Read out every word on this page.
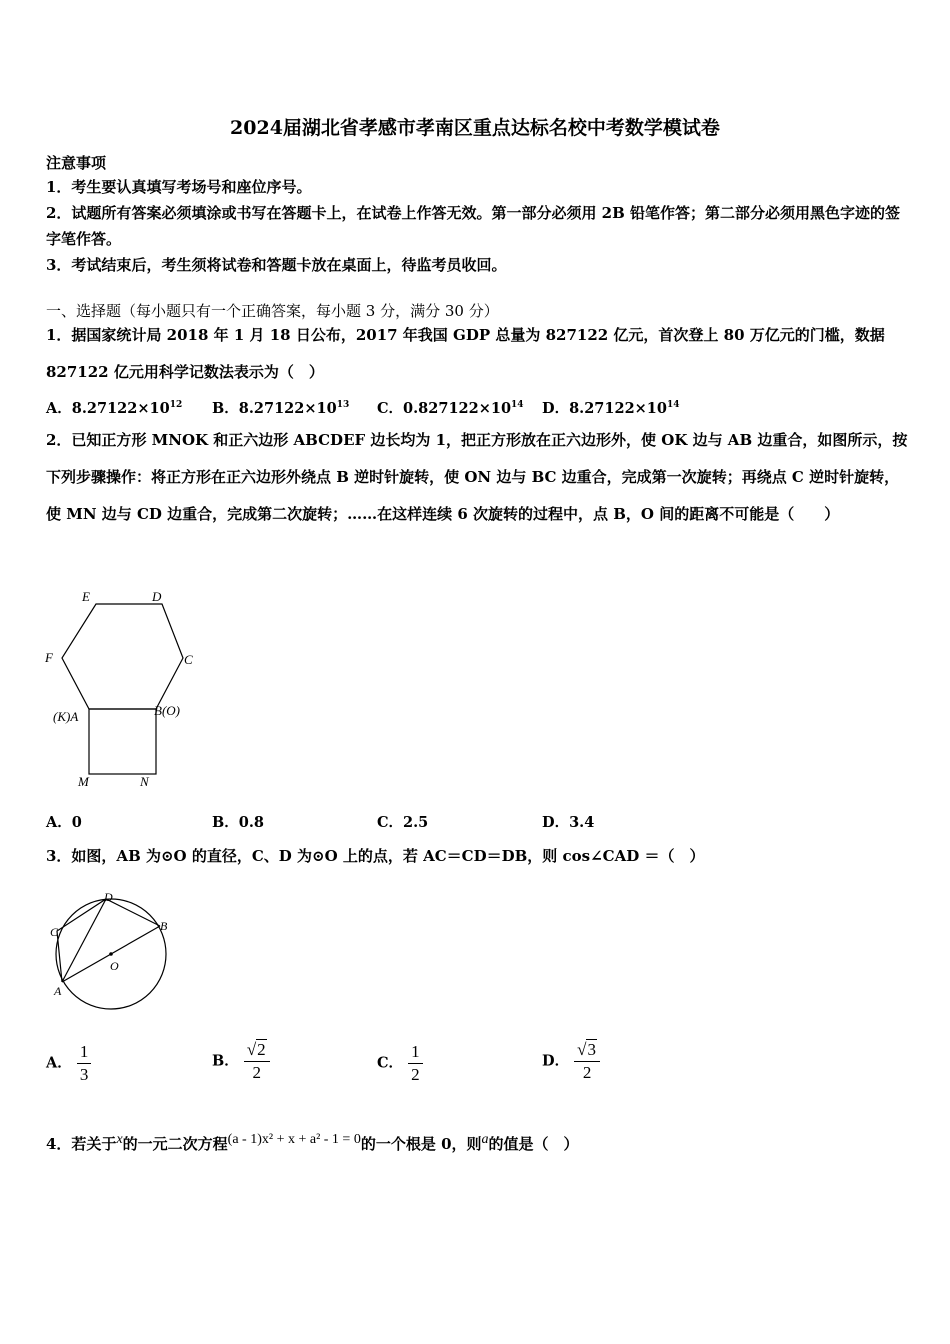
2024届湖北省孝感市孝南区重点达标名校中考数学模试卷
注意事项
1．考生要认真填写考场号和座位序号。
2．试题所有答案必须填涂或书写在答题卡上，在试卷上作答无效。第一部分必须用 2B 铅笔作答；第二部分必须用黑色字迹的签字笔作答。
3．考试结束后，考生须将试卷和答题卡放在桌面上，待监考员收回。
一、选择题（每小题只有一个正确答案，每小题 3 分，满分 30 分）
1．据国家统计局 2018 年 1 月 18 日公布，2017 年我国 GDP 总量为 827122 亿元，首次登上 80 万亿元的门槛，数据 827122 亿元用科学记数法表示为（　）
A．$8.27122\times 10^{12}$ B．$8.27122\times 10^{13}$ C．$0.827122\times 10^{14}$ D．$8.27122\times 10^{14}$
2．已知正方形 MNOK 和正六边形 ABCDEF 边长均为 1，把正方形放在正六边形外，使 OK 边与 AB 边重合，如图所示，按下列步骤操作：将正方形在正六边形外绕点 B 逆时针旋转，使 ON 边与 BC 边重合，完成第一次旋转；再绕点 C 逆时针旋转，使 MN 边与 CD 边重合，完成第二次旋转；……在这样连续 6 次旋转的过程中，点 B，O 间的距离不可能是（　　）
E	D
F	C
(K)A	B(O)
M	N
A．0	B．0.8	C．2.5	D．3.4
3．如图，AB 为⊙O 的直径，C、D 为⊙O 上的点，若 AC＝CD＝DB，则 cos∠CAD ＝（　）
D
B
C
O
A
A． $\frac{1}{3}$	B． $\frac{√2}{2}$	C． $\frac{1}{2}$	D． $\frac{√3}{2}$
4．若关于$^x$的一元二次方程$^{(a - 1)x^2 + x + a^2 - 1 = 0}$的一个根是 0，则$^a$的值是（　）
